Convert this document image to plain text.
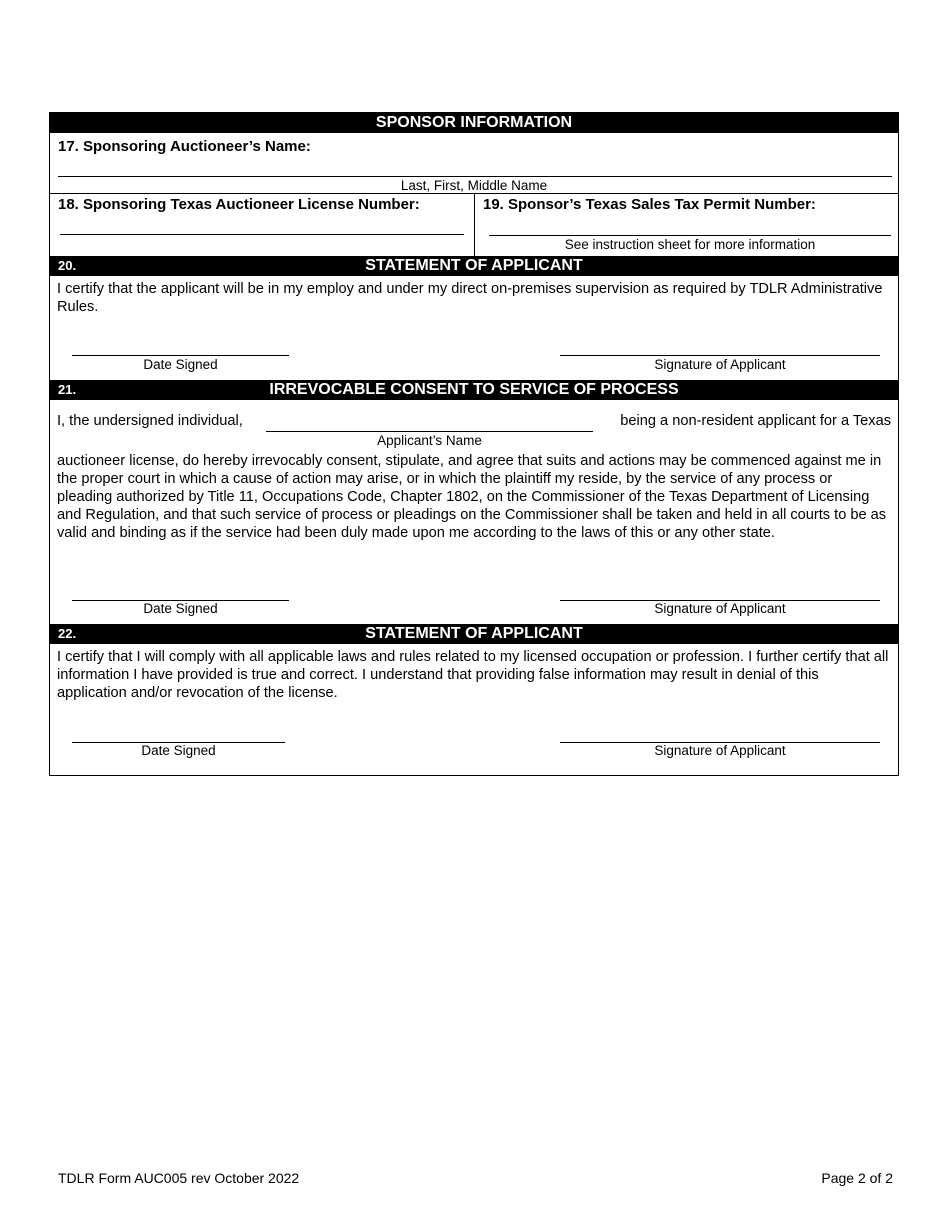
SPONSOR INFORMATION
17. Sponsoring Auctioneer’s Name:
Last, First, Middle Name
18. Sponsoring Texas Auctioneer License Number:	19. Sponsor’s Texas Sales Tax Permit Number:
See instruction sheet for more information
20.	STATEMENT OF APPLICANT
I certify that the applicant will be in my employ and under my direct on-premises supervision as required by TDLR Administrative Rules.
Date Signed	Signature of Applicant
21.	IRREVOCABLE CONSENT TO SERVICE OF PROCESS
I, the undersigned individual,	being a non-resident applicant for a Texas
Applicant’s Name
auctioneer license, do hereby irrevocably consent, stipulate, and agree that suits and actions may be commenced against me in the proper court in which a cause of action may arise, or in which the plaintiff my reside, by the service of any process or pleading authorized by Title 11, Occupations Code, Chapter 1802, on the Commissioner of the Texas Department of Licensing and Regulation, and that such service of process or pleadings on the Commissioner shall be taken and held in all courts to be as valid and binding as if the service had been duly made upon me according to the laws of this or any other state.
Date Signed	Signature of Applicant
22.	STATEMENT OF APPLICANT
I certify that I will comply with all applicable laws and rules related to my licensed occupation or profession. I further certify that all information I have provided is true and correct. I understand that providing false information may result in denial of this application and/or revocation of the license.
Date Signed	Signature of Applicant
TDLR Form AUC005 rev October 2022	Page 2 of 2
